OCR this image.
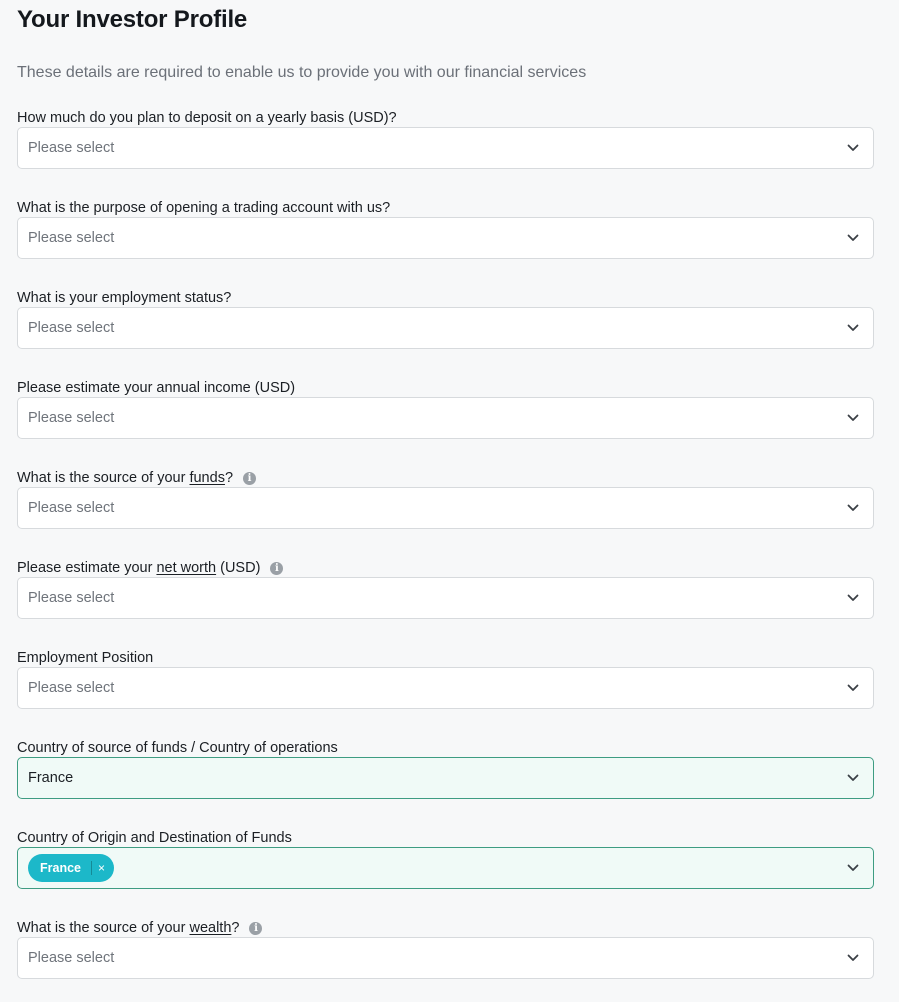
Your Investor Profile
These details are required to enable us to provide you with our financial services
How much do you plan to deposit on a yearly basis (USD)?
Please select
What is the purpose of opening a trading account with us?
Please select
What is your employment status?
Please select
Please estimate your annual income (USD)
Please select
What is the source of your funds ?	i
Please select
Please estimate your net worth (USD)	i
Please select
Employment Position
Please select
Country of source of funds / Country of operations
France
Country of Origin and Destination of Funds
France	×
What is the source of your wealth ?	i
Please select
